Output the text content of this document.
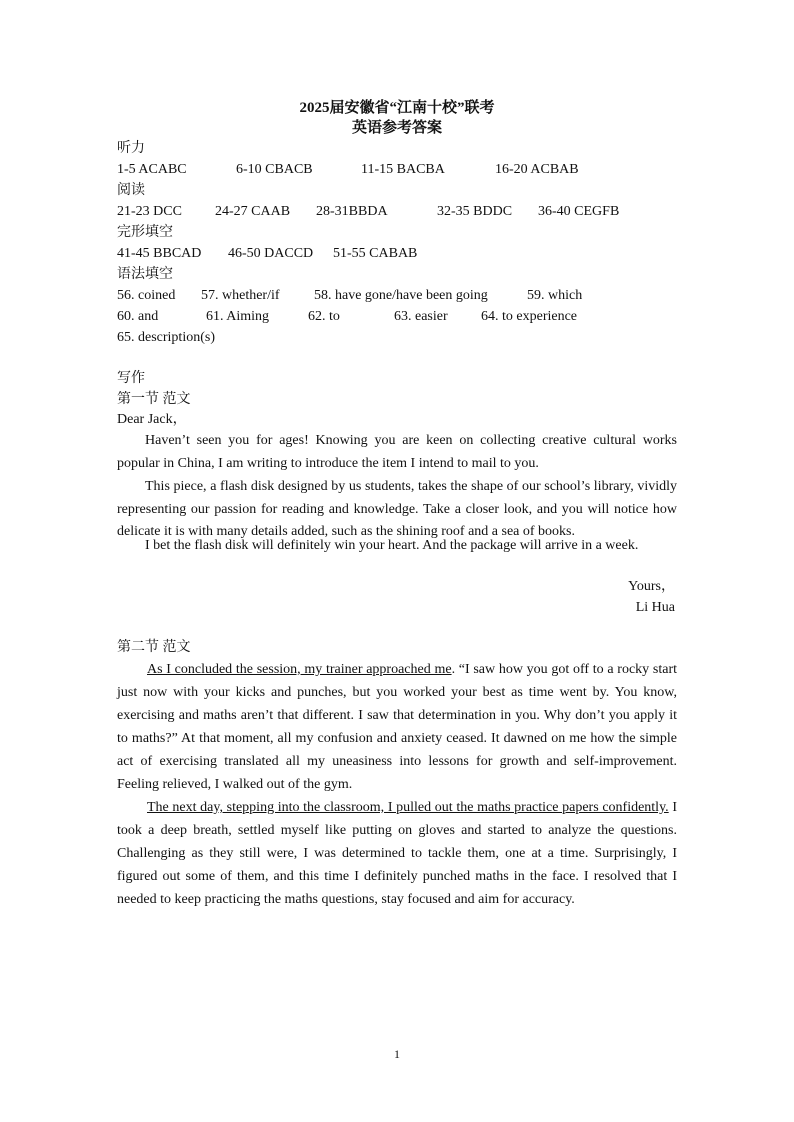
2025届安徽省“江南十校”联考
英语参考答案
听力
1-5 ACABC	6-10 CBACB	11-15 BACBA	16-20 ACBAB
阅读
21-23 DCC 24-27 CAAB 28-31BBDA	32-35 BDDC 36-40 CEGFB
完形填空
41-45 BBCAD 46-50 DACCD 51-55 CABAB
语法填空
56. coined 57. whether/if 58. have gone/have been going	59. which
60. and	61. Aiming	62. to	63. easier 64. to experience
65. description(s)
写作
第一节 范文
Dear Jack，
Haven’t seen you for ages! Knowing you are keen on collecting creative cultural works popular in China, I am writing to introduce the item I intend to mail to you.
This piece, a flash disk designed by us students, takes the shape of our school’s library, vividly representing our passion for reading and knowledge. Take a closer look, and you will notice how delicate it is with many details added, such as the shining roof and a sea of books.
I bet the flash disk will definitely win your heart. And the package will arrive in a week.
Yours，
Li Hua
第二节 范文
As I concluded the session, my trainer approached me. “I saw how you got off to a rocky start just now with your kicks and punches, but you worked your best as time went by. You know, exercising and maths aren’t that different. I saw that determination in you. Why don’t you apply it to maths?” At that moment, all my confusion and anxiety ceased. It dawned on me how the simple act of exercising translated all my uneasiness into lessons for growth and self-improvement. Feeling relieved, I walked out of the gym.
The next day, stepping into the classroom, I pulled out the maths practice papers confidently. I took a deep breath, settled myself like putting on gloves and started to analyze the questions. Challenging as they still were, I was determined to tackle them, one at a time. Surprisingly, I figured out some of them, and this time I definitely punched maths in the face. I resolved that I needed to keep practicing the maths questions, stay focused and aim for accuracy.
1
